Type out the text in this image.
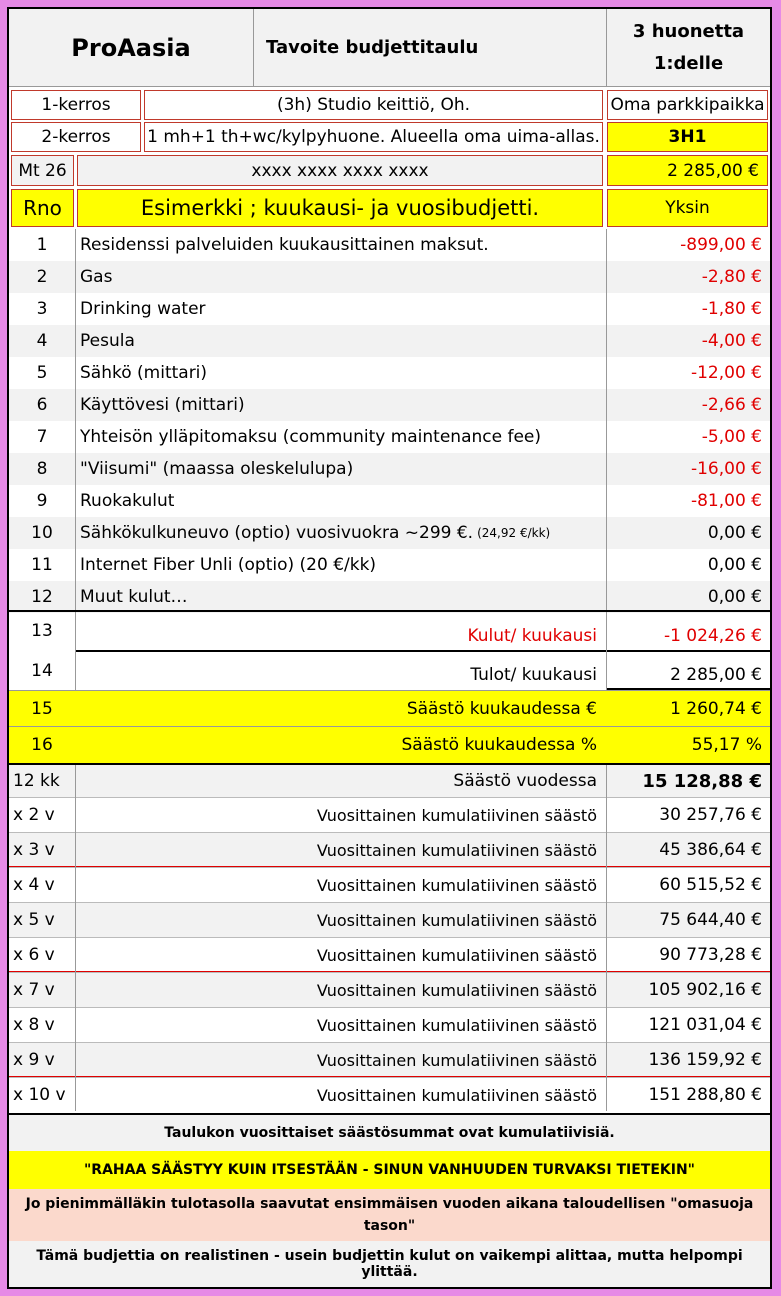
ProAasia	Tavoite budjettitaulu
3 huonetta
1:delle
1-kerros	(3h) Studio keittiö, Oh.	Oma parkkipaikka
2-kerros 1 mh+1 th+wc/kylpyhuone. Alueella oma uima-allas.	3H1
Mt 26	xxxx xxxx xxxx xxxx	2 285,00 €
Rno	Esimerkki ; kuukausi- ja vuosibudjetti.	Yksin
1 Residenssi palveluiden kuukausittainen maksut.	-899,00 €
2 Gas	-2,80 €
3 Drinking water	-1,80 €
4 Pesula	-4,00 €
5 Sähkö (mittari)	-12,00 €
6 Käyttövesi (mittari)	-2,66 €
7 Yhteisön ylläpitomaksu (community maintenance fee)	-5,00 €
8 "Viisumi" (maassa oleskelulupa)	-16,00 €
9 Ruokakulut	-81,00 €
10 Sähkökulkuneuvo (optio) vuosivuokra ~299 €. (24,92 €/kk)	0,00 €
11 Internet Fiber Unli (optio) (20 €/kk)	0,00 €
12 Muut kulut…	0,00 €
13	Kulut/ kuukausi	-1 024,26 €
14	Tulot/ kuukausi	2 285,00 €
15	Säästö kuukaudessa €	1 260,74 €
16	Säästö kuukaudessa %	55,17 %
12 kk	Säästö vuodessa	15 128,88 €
x 2 v	Vuosittainen kumulatiivinen säästö	30 257,76 €
x 3 v	Vuosittainen kumulatiivinen säästö	45 386,64 €
x 4 v	Vuosittainen kumulatiivinen säästö	60 515,52 €
x 5 v	Vuosittainen kumulatiivinen säästö	75 644,40 €
x 6 v	Vuosittainen kumulatiivinen säästö	90 773,28 €
x 7 v	Vuosittainen kumulatiivinen säästö	105 902,16 €
x 8 v	Vuosittainen kumulatiivinen säästö	121 031,04 €
x 9 v	Vuosittainen kumulatiivinen säästö	136 159,92 €
x 10 v	Vuosittainen kumulatiivinen säästö	151 288,80 €
Taulukon vuosittaiset säästösummat ovat kumulatiivisiä.
"RAHAA SÄÄSTYY KUIN ITSESTÄÄN - SINUN VANHUUDEN TURVAKSI TIETEKIN"
Jo pienimmälläkin tulotasolla saavutat ensimmäisen vuoden aikana taloudellisen "omasuoja tason"
Tämä budjettia on realistinen - usein budjettin kulut on vaikempi alittaa, mutta helpompi ylittää.
